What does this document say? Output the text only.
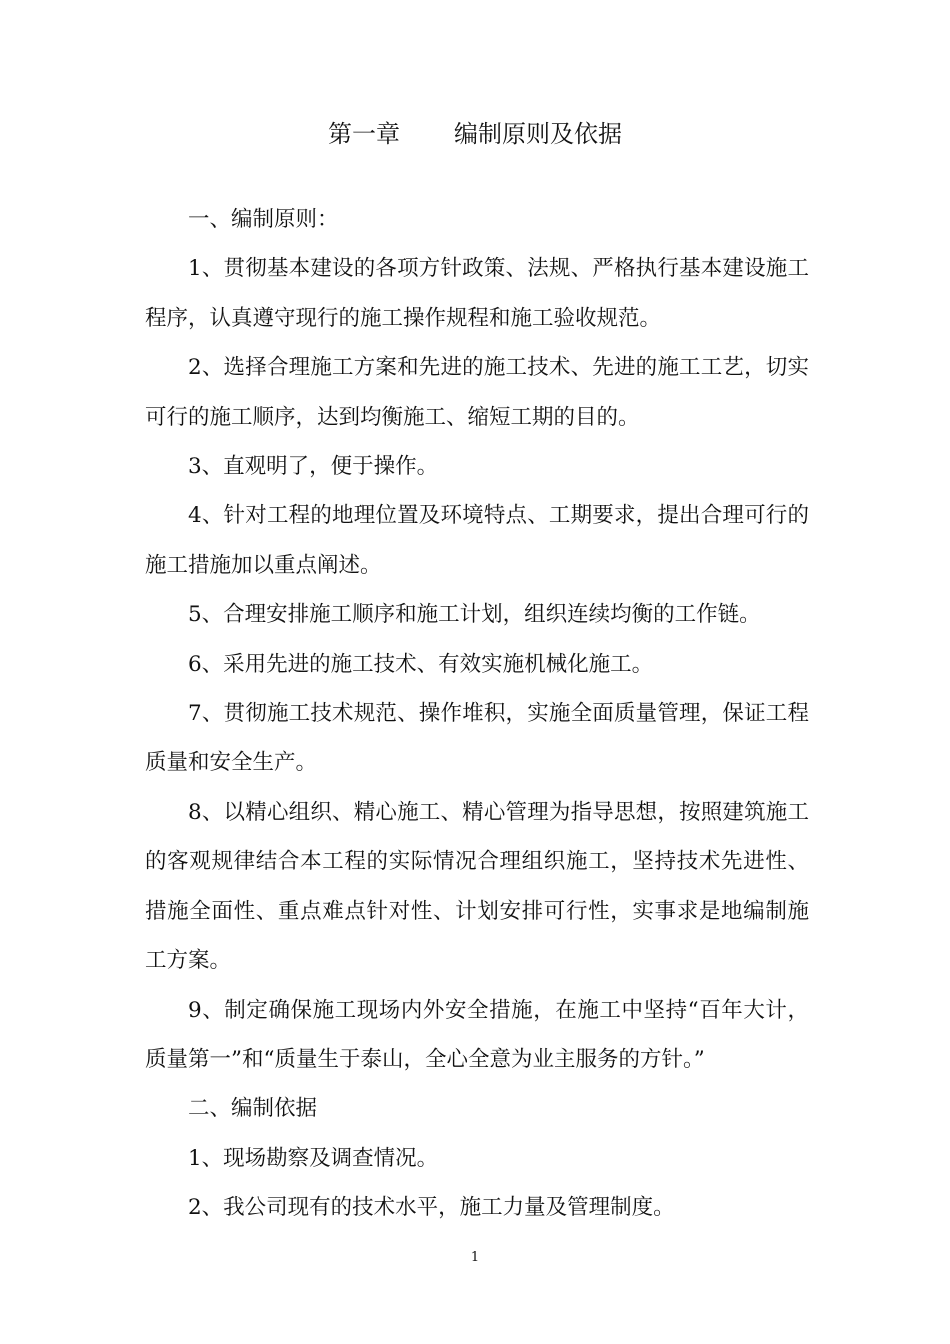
第一章 编制原则及依据

一、编制原则：

1、贯彻基本建设的各项方针政策、法规、严格执行基本建设施工程序，认真遵守现行的施工操作规程和施工验收规范。

2、选择合理施工方案和先进的施工技术、先进的施工工艺，切实可行的施工顺序，达到均衡施工、缩短工期的目的。

3、直观明了，便于操作。

4、针对工程的地理位置及环境特点、工期要求，提出合理可行的施工措施加以重点阐述。

5、合理安排施工顺序和施工计划，组织连续均衡的工作链。

6、采用先进的施工技术、有效实施机械化施工。

7、贯彻施工技术规范、操作堆积，实施全面质量管理，保证工程质量和安全生产。

8、以精心组织、精心施工、精心管理为指导思想，按照建筑施工的客观规律结合本工程的实际情况合理组织施工，坚持技术先进性、措施全面性、重点难点针对性、计划安排可行性，实事求是地编制施工方案。

9、制定确保施工现场内外安全措施，在施工中坚持“百年大计，质量第一”和“质量生于泰山，全心全意为业主服务的方针。”

二、编制依据

1、现场勘察及调查情况。

2、我公司现有的技术水平，施工力量及管理制度。

1
